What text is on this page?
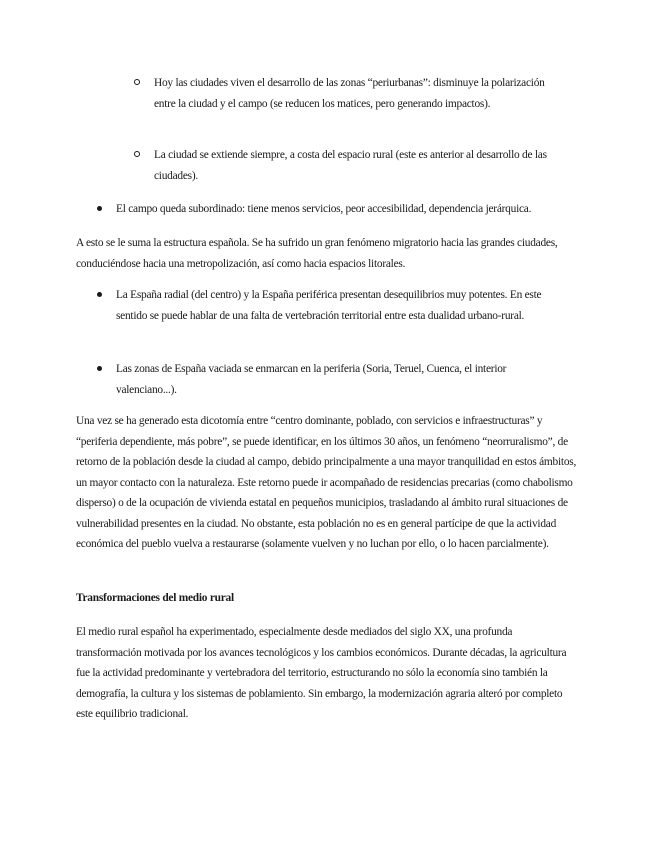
Hoy las ciudades viven el desarrollo de las zonas “periurbanas”: disminuye la polarización entre la ciudad y el campo (se reducen los matices, pero generando impactos).

La ciudad se extiende siempre, a costa del espacio rural (este es anterior al desarrollo de las ciudades).

El campo queda subordinado: tiene menos servicios, peor accesibilidad, dependencia jerárquica.

A esto se le suma la estructura española. Se ha sufrido un gran fenómeno migratorio hacia las grandes ciudades, conduciéndose hacia una metropolización, así como hacia espacios litorales.

La España radial (del centro) y la España periférica presentan desequilibrios muy potentes. En este sentido se puede hablar de una falta de vertebración territorial entre esta dualidad urbano-rural.

Las zonas de España vaciada se enmarcan en la periferia (Soria, Teruel, Cuenca, el interior valenciano...).

Una vez se ha generado esta dicotomía entre “centro dominante, poblado, con servicios e infraestructuras” y “periferia dependiente, más pobre”, se puede identificar, en los últimos 30 años, un fenómeno “neorruralismo”, de retorno de la población desde la ciudad al campo, debido principalmente a una mayor tranquilidad en estos ámbitos, un mayor contacto con la naturaleza. Este retorno puede ir acompañado de residencias precarias (como chabolismo disperso) o de la ocupación de vivienda estatal en pequeños municipios, trasladando al ámbito rural situaciones de vulnerabilidad presentes en la ciudad. No obstante, esta población no es en general partícipe de que la actividad económica del pueblo vuelva a restaurarse (solamente vuelven y no luchan por ello, o lo hacen parcialmente).

Transformaciones del medio rural

El medio rural español ha experimentado, especialmente desde mediados del siglo XX, una profunda transformación motivada por los avances tecnológicos y los cambios económicos. Durante décadas, la agricultura fue la actividad predominante y vertebradora del territorio, estructurando no sólo la economía sino también la demografía, la cultura y los sistemas de poblamiento. Sin embargo, la modernización agraria alteró por completo este equilibrio tradicional.
